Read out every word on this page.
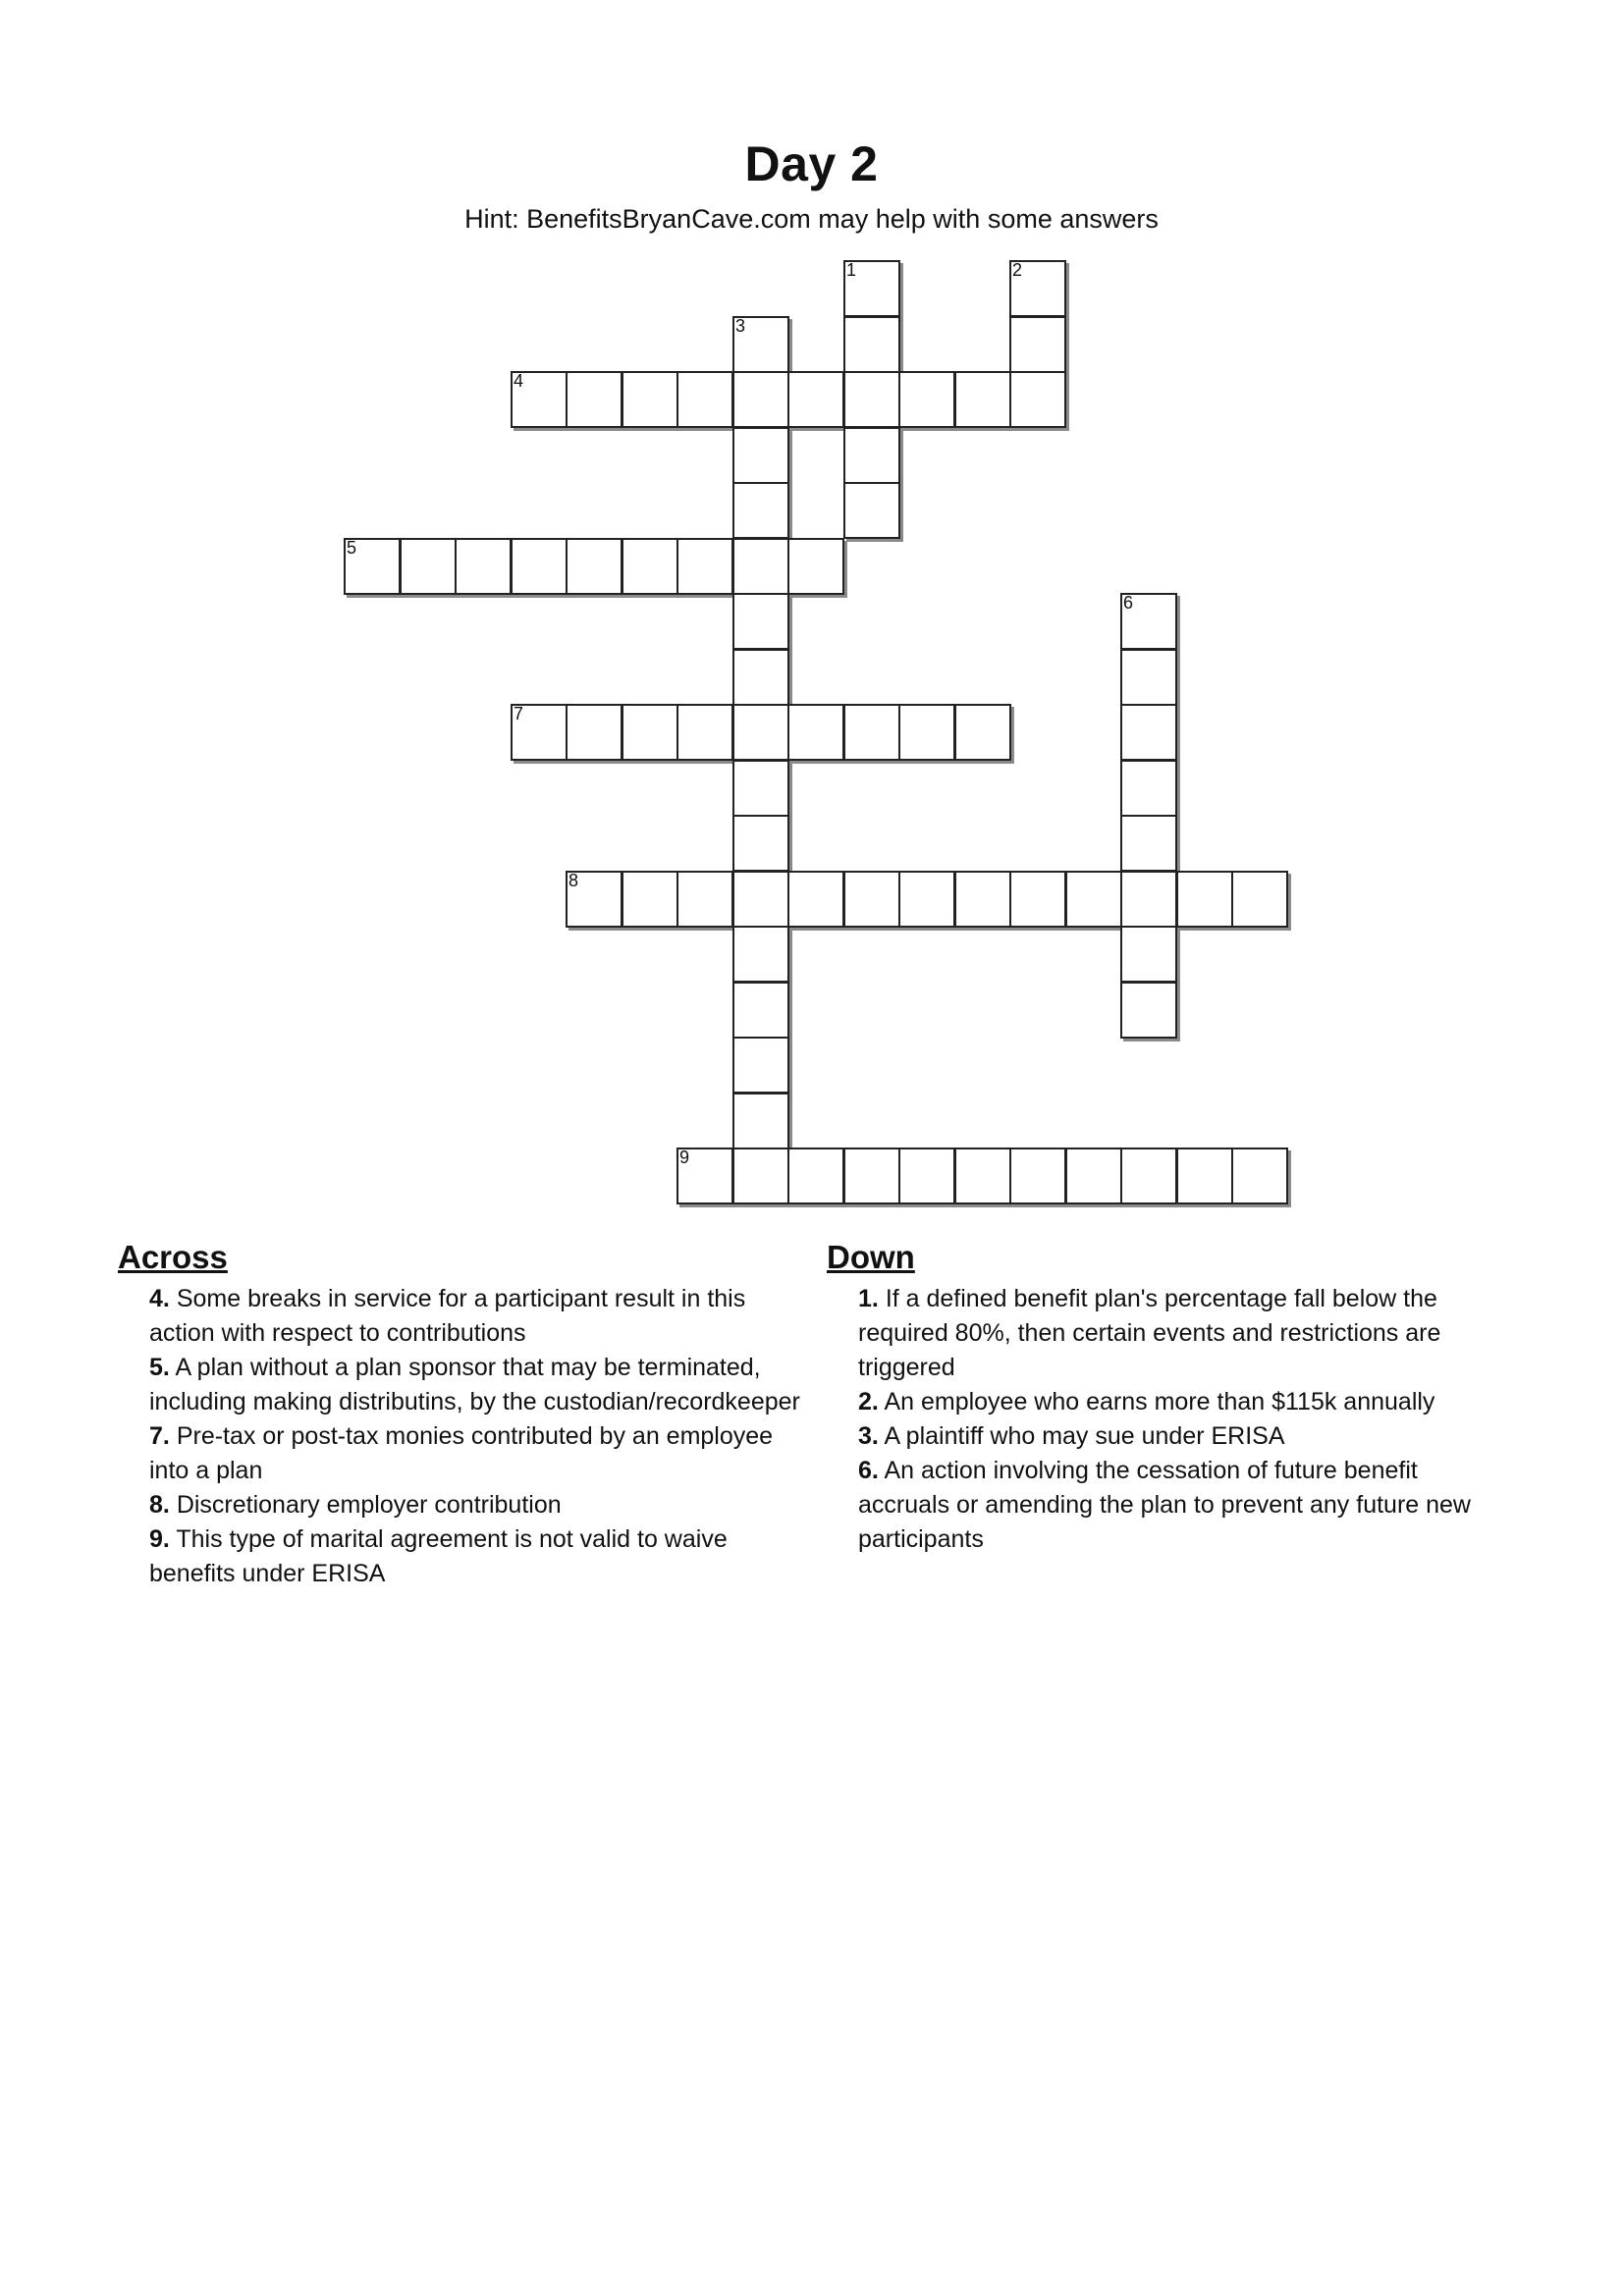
Day 2
Hint: BenefitsBryanCave.com may help with some answers
1	2
3
4
5
6
7
8
9
Across

4. Some breaks in service for a participant result in this action with respect to contributions

5. A plan without a plan sponsor that may be terminated, including making distributins, by the custodian/recordkeeper

7. Pre-tax or post-tax monies contributed by an employee into a plan

8. Discretionary employer contribution

9. This type of marital agreement is not valid to waive benefits under ERISA

Down

1. If a defined benefit plan's percentage fall below the required 80%, then certain events and restrictions are triggered

2. An employee who earns more than $115k annually

3. A plaintiff who may sue under ERISA

6. An action involving the cessation of future benefit accruals or amending the plan to prevent any future new participants
